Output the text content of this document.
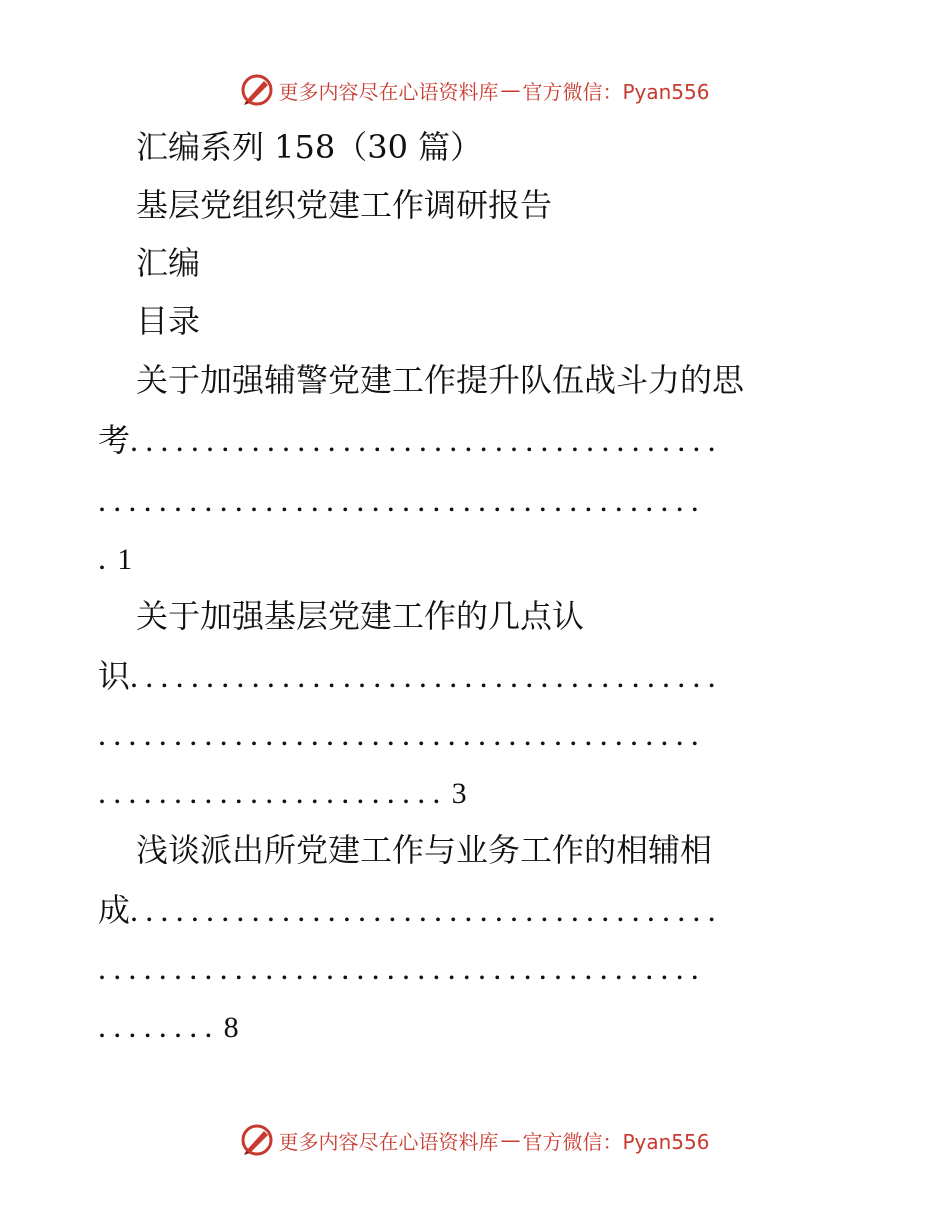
更多内容尽在心语资料库 — 官方微信：Pyan556
汇编系列 158（30 篇）
基层党组织党建工作调研报告
汇编
目录
关于加强辅警党建工作提升队伍战斗力的思
考.......................................
........................................
. 1
关于加强基层党建工作的几点认
识.......................................
........................................
....................... 3
浅谈派出所党建工作与业务工作的相辅相
成.......................................
........................................
........ 8
更多内容尽在心语资料库 — 官方微信：Pyan556
